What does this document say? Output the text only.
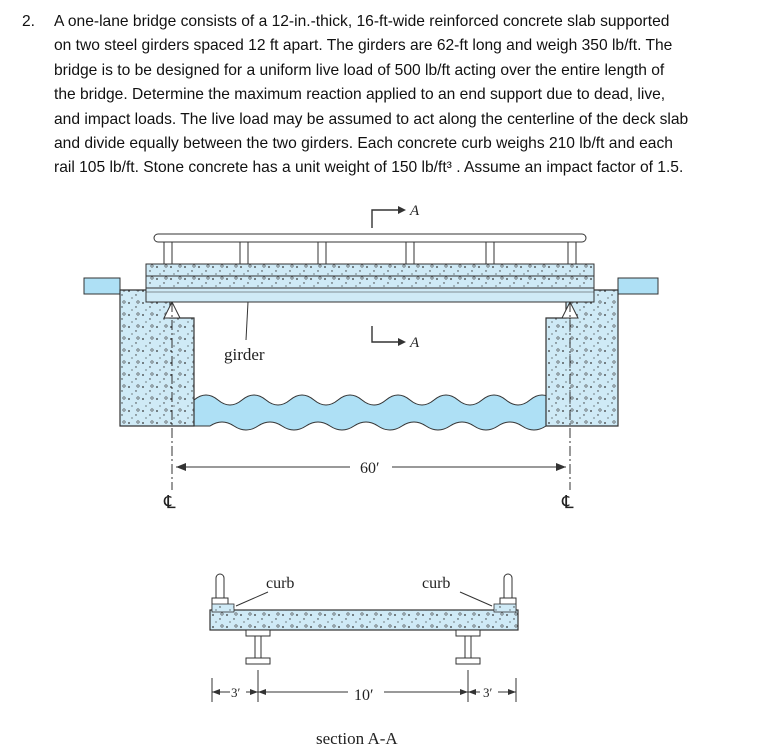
2. A one-lane bridge consists of a 12-in.-thick, 16-ft-wide reinforced concrete slab supported
on two steel girders spaced 12 ft apart. The girders are 62-ft long and weigh 350 lb/ft. The
bridge is to be designed for a uniform live load of 500 lb/ft acting over the entire length of
the bridge. Determine the maximum reaction applied to an end support due to dead, live,
and impact loads. The live load may be assumed to act along the centerline of the deck slab
and divide equally between the two girders. Each concrete curb weighs 210 lb/ft and each
rail 105 lb/ft. Stone concrete has a unit weight of 150 lb/ft³ . Assume an impact factor of 1.5.
girder
A
A
60′
℄	℄
curb	curb
3′	10′	3′
section A-A
